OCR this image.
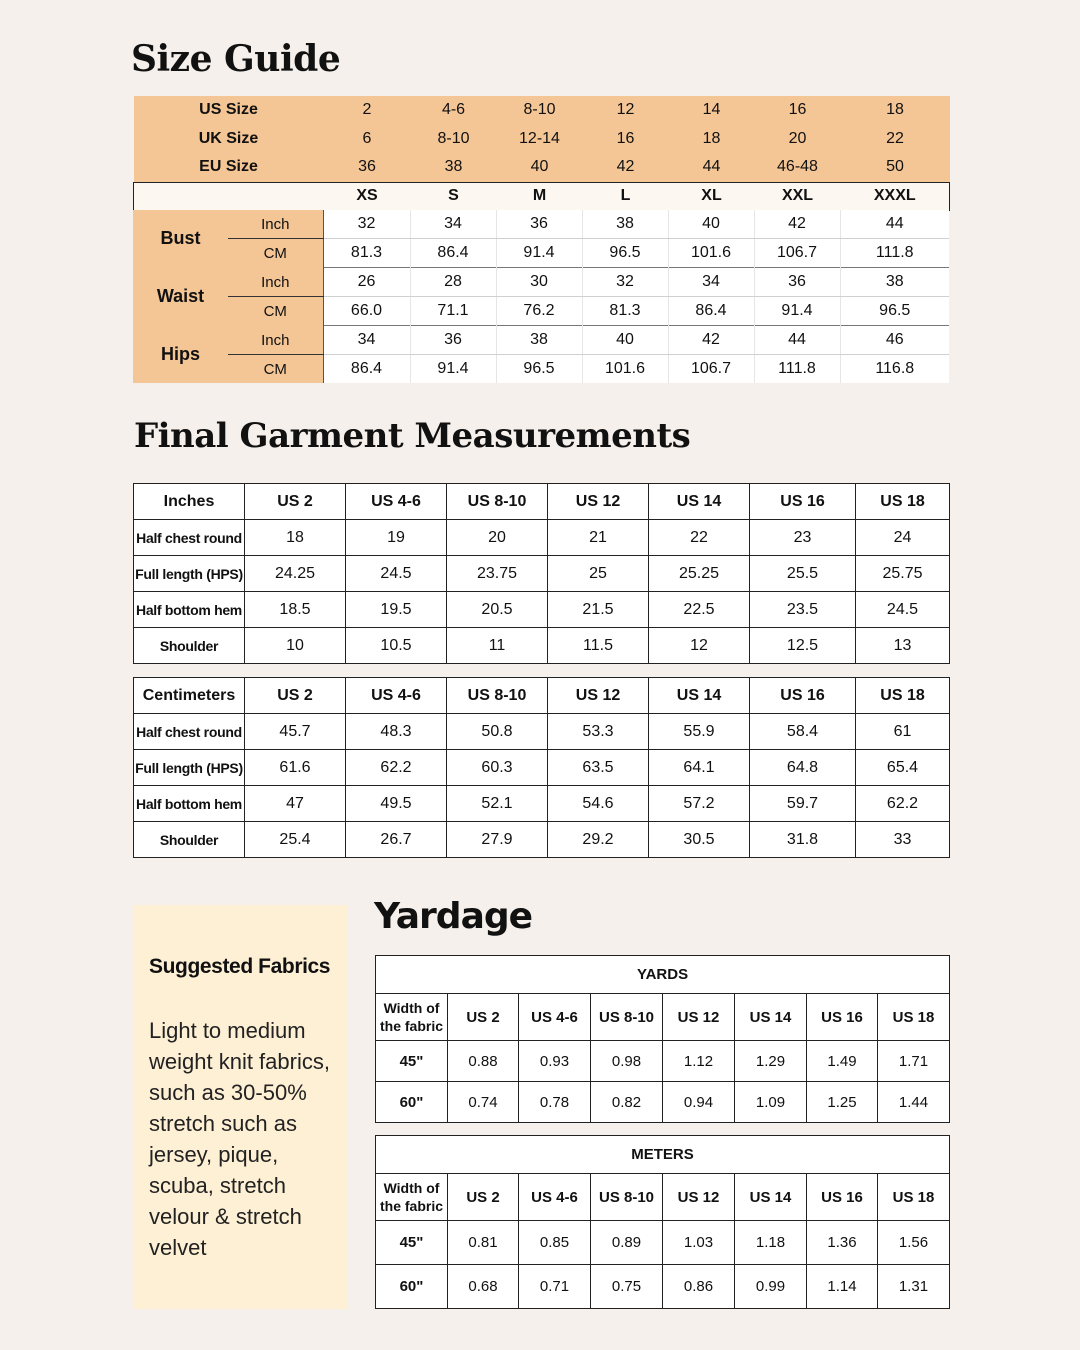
Size Guide
US Size	2	4-6	8-10	12	14	16	18
UK Size	6	8-10	12-14	16	18	20	22
EU Size	36	38	40	42	44	46-48	50
	XS	S	M	L	XL	XXL	XXXL
Bust	Inch	32	34	36	38	40	42	44
	CM	81.3	86.4	91.4	96.5	101.6	106.7	111.8
Waist	Inch	26	28	30	32	34	36	38
	CM	66.0	71.1	76.2	81.3	86.4	91.4	96.5
Hips	Inch	34	36	38	40	42	44	46
	CM	86.4	91.4	96.5	101.6	106.7	111.8	116.8
Final Garment Measurements
Inches	US 2	US 4-6	US 8-10	US 12	US 14	US 16	US 18
Half chest round	18	19	20	21	22	23	24
Full length (HPS)	24.25	24.5	23.75	25	25.25	25.5	25.75
Half bottom hem	18.5	19.5	20.5	21.5	22.5	23.5	24.5
Shoulder	10	10.5	11	11.5	12	12.5	13
Centimeters	US 2	US 4-6	US 8-10	US 12	US 14	US 16	US 18
Half chest round	45.7	48.3	50.8	53.3	55.9	58.4	61
Full length (HPS)	61.6	62.2	60.3	63.5	64.1	64.8	65.4
Half bottom hem	47	49.5	52.1	54.6	57.2	59.7	62.2
Shoulder	25.4	26.7	27.9	29.2	30.5	31.8	33
Suggested Fabrics

Light to medium weight knit fabrics, such as 30-50% stretch such as jersey, pique, scuba, stretch velour & stretch velvet

Yardage
YARDS							
Width of
the fabric	US 2	US 4-6	US 8-10	US 12	US 14	US 16	US 18
45"	0.88	0.93	0.98	1.12	1.29	1.49	1.71
60"	0.74	0.78	0.82	0.94	1.09	1.25	1.44
METERS							
Width of
the fabric	US 2	US 4-6	US 8-10	US 12	US 14	US 16	US 18
45"	0.81	0.85	0.89	1.03	1.18	1.36	1.56
60"	0.68	0.71	0.75	0.86	0.99	1.14	1.31
